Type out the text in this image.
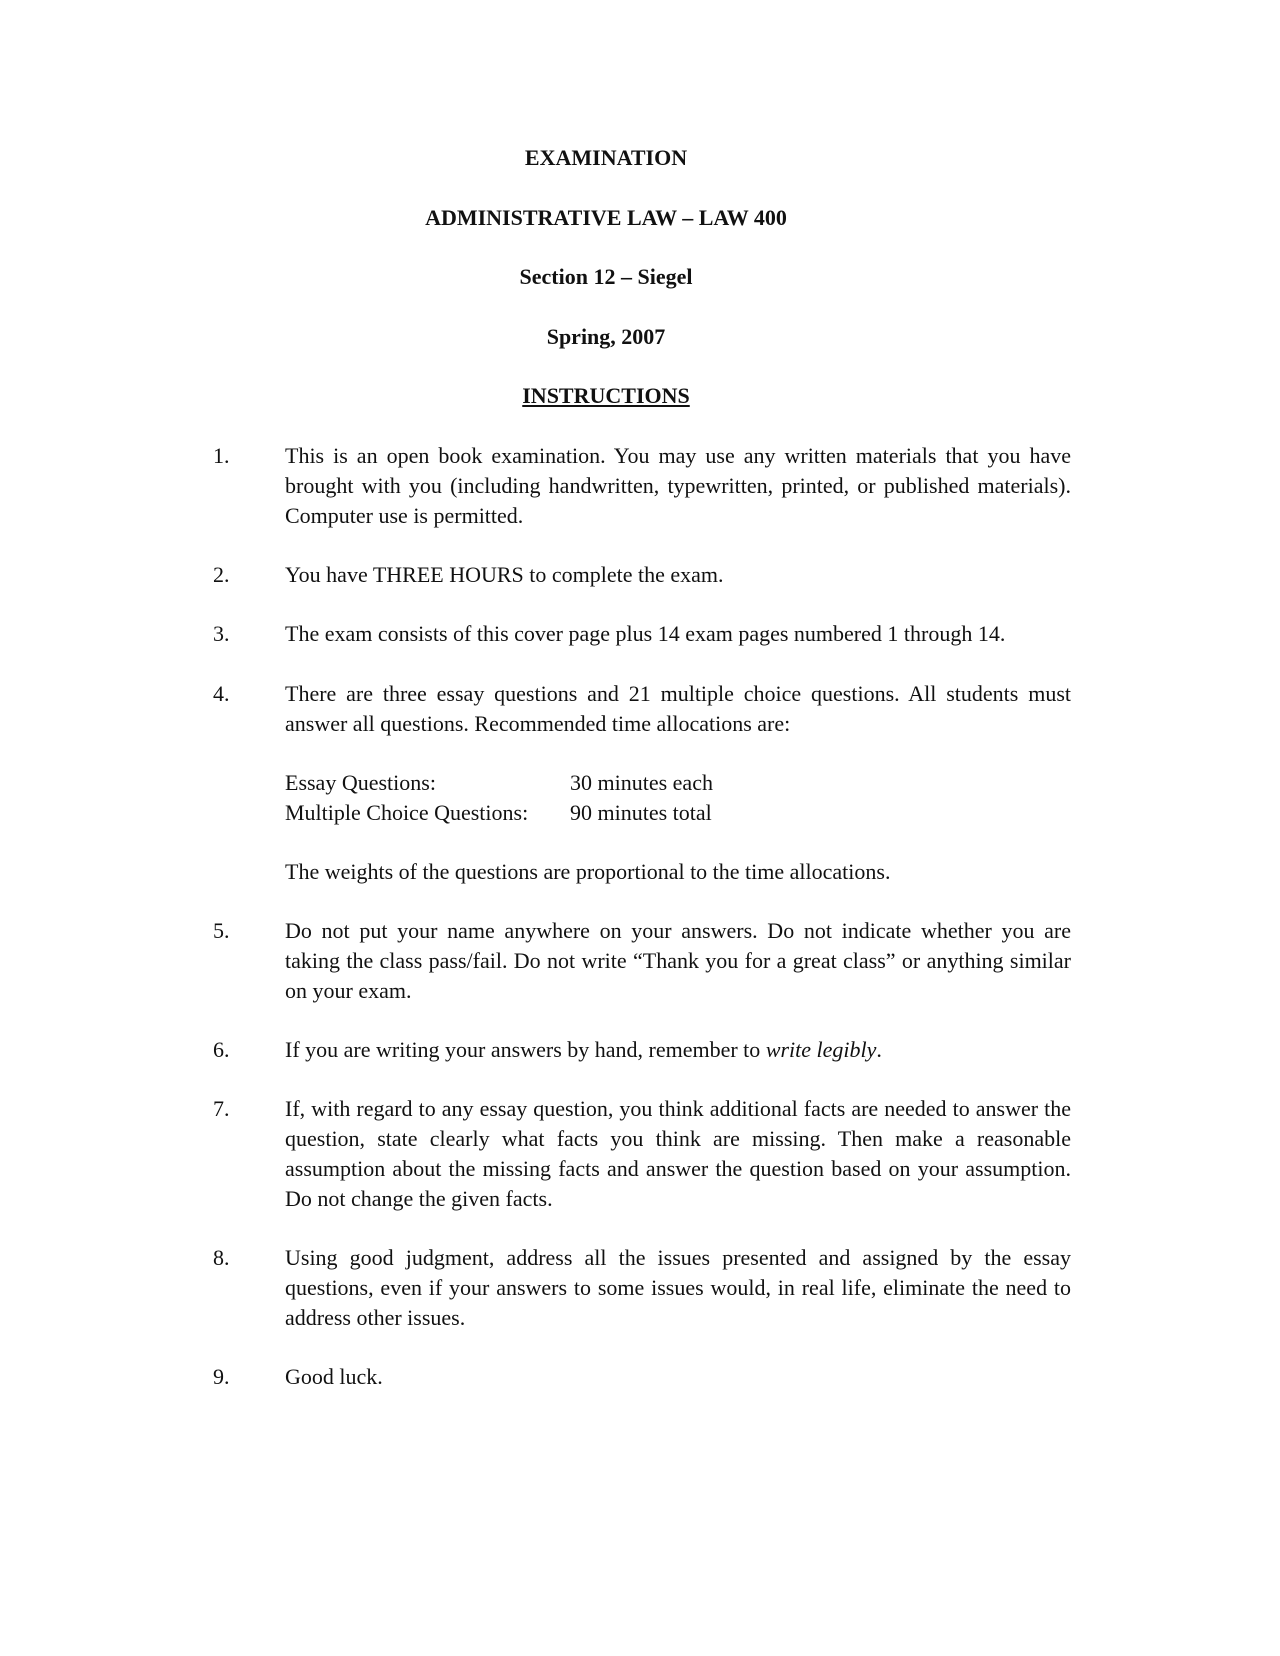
EXAMINATION
ADMINISTRATIVE LAW – LAW 400
Section 12 – Siegel
Spring, 2007
INSTRUCTIONS
1.	This is an open book examination. You may use any written materials that you have brought with you (including handwritten, typewritten, printed, or published materials). Computer use is permitted.
2.	You have THREE HOURS to complete the exam.
3.	The exam consists of this cover page plus 14 exam pages numbered 1 through 14.
4.	There are three essay questions and 21 multiple choice questions. All students must answer all questions. Recommended time allocations are:
Essay Questions:	30 minutes each
Multiple Choice Questions:	90 minutes total
The weights of the questions are proportional to the time allocations.
5.	Do not put your name anywhere on your answers. Do not indicate whether you are taking the class pass/fail. Do not write “Thank you for a great class” or anything similar on your exam.
6.	If you are writing your answers by hand, remember to write legibly.
7.	If, with regard to any essay question, you think additional facts are needed to answer the question, state clearly what facts you think are missing. Then make a reasonable assumption about the missing facts and answer the question based on your assumption. Do not change the given facts.
8.	Using good judgment, address all the issues presented and assigned by the essay questions, even if your answers to some issues would, in real life, eliminate the need to address other issues.
9.	Good luck.
